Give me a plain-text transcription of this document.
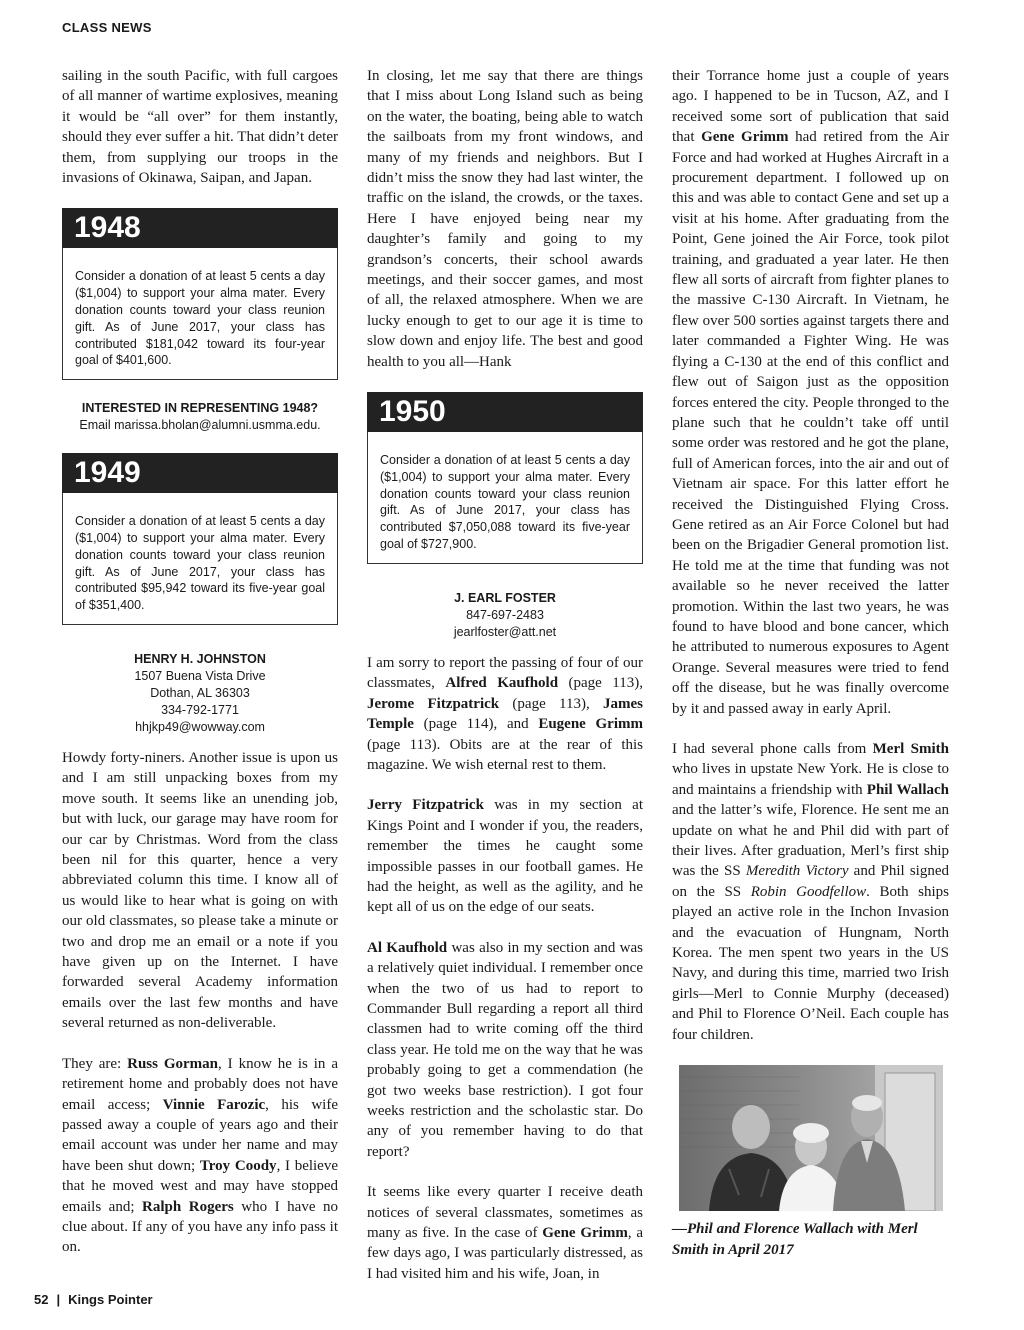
CLASS NEWS

sailing in the south Pacific, with full cargoes of all manner of wartime explosives, meaning it would be “all over” for them instantly, should they ever suffer a hit. That didn’t deter them, from supplying our troops in the invasions of Okinawa, Saipan, and Japan.

1948
Consider a donation of at least 5 cents a day ($1,004) to support your alma mater. Every donation counts toward your class reunion gift. As of June 2017, your class has contributed $181,042 toward its four-year goal of $401,600.
INTERESTED IN REPRESENTING 1948?
Email marissa.bholan@alumni.usmma.edu.
1949
Consider a donation of at least 5 cents a day ($1,004) to support your alma mater. Every donation counts toward your class reunion gift. As of June 2017, your class has contributed $95,942 toward its five-year goal of $351,400.
HENRY H. JOHNSTON
1507 Buena Vista Drive
Dothan, AL 36303
334-792-1771
hhjkp49@wowway.com

Howdy forty-niners. Another issue is upon us and I am still unpacking boxes from my move south. It seems like an unending job, but with luck, our garage may have room for our car by Christmas. Word from the class been nil for this quarter, hence a very abbreviated column this time. I know all of us would like to hear what is going on with our old classmates, so please take a minute or two and drop me an email or a note if you have given up on the Internet. I have forwarded several Academy information emails over the last few months and have several returned as non-deliverable.

They are: Russ Gorman, I know he is in a retirement home and probably does not have email access; Vinnie Farozic, his wife passed away a couple of years ago and their email account was under her name and may have been shut down; Troy Coody, I believe that he moved west and may have stopped emails and; Ralph Rogers who I have no clue about. If any of you have any info pass it on.

In closing, let me say that there are things that I miss about Long Island such as being on the water, the boating, being able to watch the sailboats from my front windows, and many of my friends and neighbors. But I didn’t miss the snow they had last winter, the traffic on the island, the crowds, or the taxes. Here I have enjoyed being near my daughter’s family and going to my grandson’s concerts, their school awards meetings, and their soccer games, and most of all, the relaxed atmosphere. When we are lucky enough to get to our age it is time to slow down and enjoy life. The best and good health to you all—Hank

1950
Consider a donation of at least 5 cents a day ($1,004) to support your alma mater. Every donation counts toward your class reunion gift. As of June 2017, your class has contributed $7,050,088 toward its five-year goal of $727,900.
J. EARL FOSTER
847-697-2483
jearlfoster@att.net

I am sorry to report the passing of four of our classmates, Alfred Kaufhold (page 113), Jerome Fitzpatrick (page 113), James Temple (page 114), and Eugene Grimm (page 113). Obits are at the rear of this magazine. We wish eternal rest to them.

Jerry Fitzpatrick was in my section at Kings Point and I wonder if you, the readers, remember the times he caught some impossible passes in our football games. He had the height, as well as the agility, and he kept all of us on the edge of our seats.

Al Kaufhold was also in my section and was a relatively quiet individual. I remember once when the two of us had to report to Commander Bull regarding a report all third classmen had to write coming off the third class year. He told me on the way that he was probably going to get a commendation (he got two weeks base restriction). I got four weeks restriction and the scholastic star. Do any of you remember having to do that report?

It seems like every quarter I receive death notices of several classmates, sometimes as many as five. In the case of Gene Grimm, a few days ago, I was particularly distressed, as I had visited him and his wife, Joan, in

their Torrance home just a couple of years ago. I happened to be in Tucson, AZ, and I received some sort of publication that said that Gene Grimm had retired from the Air Force and had worked at Hughes Aircraft in a procurement department. I followed up on this and was able to contact Gene and set up a visit at his home. After graduating from the Point, Gene joined the Air Force, took pilot training, and graduated a year later. He then flew all sorts of aircraft from fighter planes to the massive C-130 Aircraft. In Vietnam, he flew over 500 sorties against targets there and later commanded a Fighter Wing. He was flying a C-130 at the end of this conflict and flew out of Saigon just as the opposition forces entered the city. People thronged to the plane such that he couldn’t take off until some order was restored and he got the plane, full of American forces, into the air and out of Vietnam air space. For this latter effort he received the Distinguished Flying Cross. Gene retired as an Air Force Colonel but had been on the Brigadier General promotion list. He told me at the time that funding was not available so he never received the latter promotion. Within the last two years, he was found to have blood and bone cancer, which he attributed to numerous exposures to Agent Orange. Several measures were tried to fend off the disease, but he was finally overcome by it and passed away in early April.

I had several phone calls from Merl Smith who lives in upstate New York. He is close to and maintains a friendship with Phil Wallach and the latter’s wife, Florence. He sent me an update on what he and Phil did with part of their lives. After graduation, Merl’s first ship was the SS Meredith Victory and Phil signed on the SS Robin Goodfellow. Both ships played an active role in the Inchon Invasion and the evacuation of Hungnam, North Korea. The men spent two years in the US Navy, and during this time, married two Irish girls—Merl to Connie Murphy (deceased) and Phil to Florence O’Neil. Each couple has four children.

—Phil and Florence Wallach with Merl Smith in April 2017
52 | Kings Pointer
